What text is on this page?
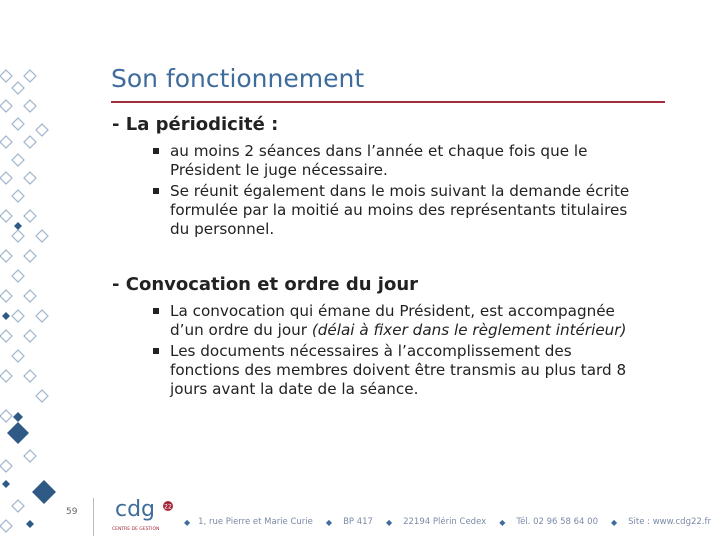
Son fonctionnement
- La périodicité :
au moins 2 séances dans l’année et chaque fois que le
Président le juge nécessaire.
Se réunit également dans le mois suivant la demande écrite
formulée par la moitié au moins des représentants titulaires
du personnel.
- Convocation et ordre du jour
La convocation qui émane du Président, est accompagnée
d’un ordre du jour (délai à fixer dans le règlement intérieur)
Les documents nécessaires à l’accomplissement des
fonctions des membres doivent être transmis au plus tard 8
jours avant la date de la séance.
59 cdg 22
CENTRE DE GESTION
◆ 1, rue Pierre et Marie Curie ◆ BP 417 ◆ 22194 Plérin Cedex ◆ Tél. 02 96 58 64 00 ◆ Site : www.cdg22.fr
